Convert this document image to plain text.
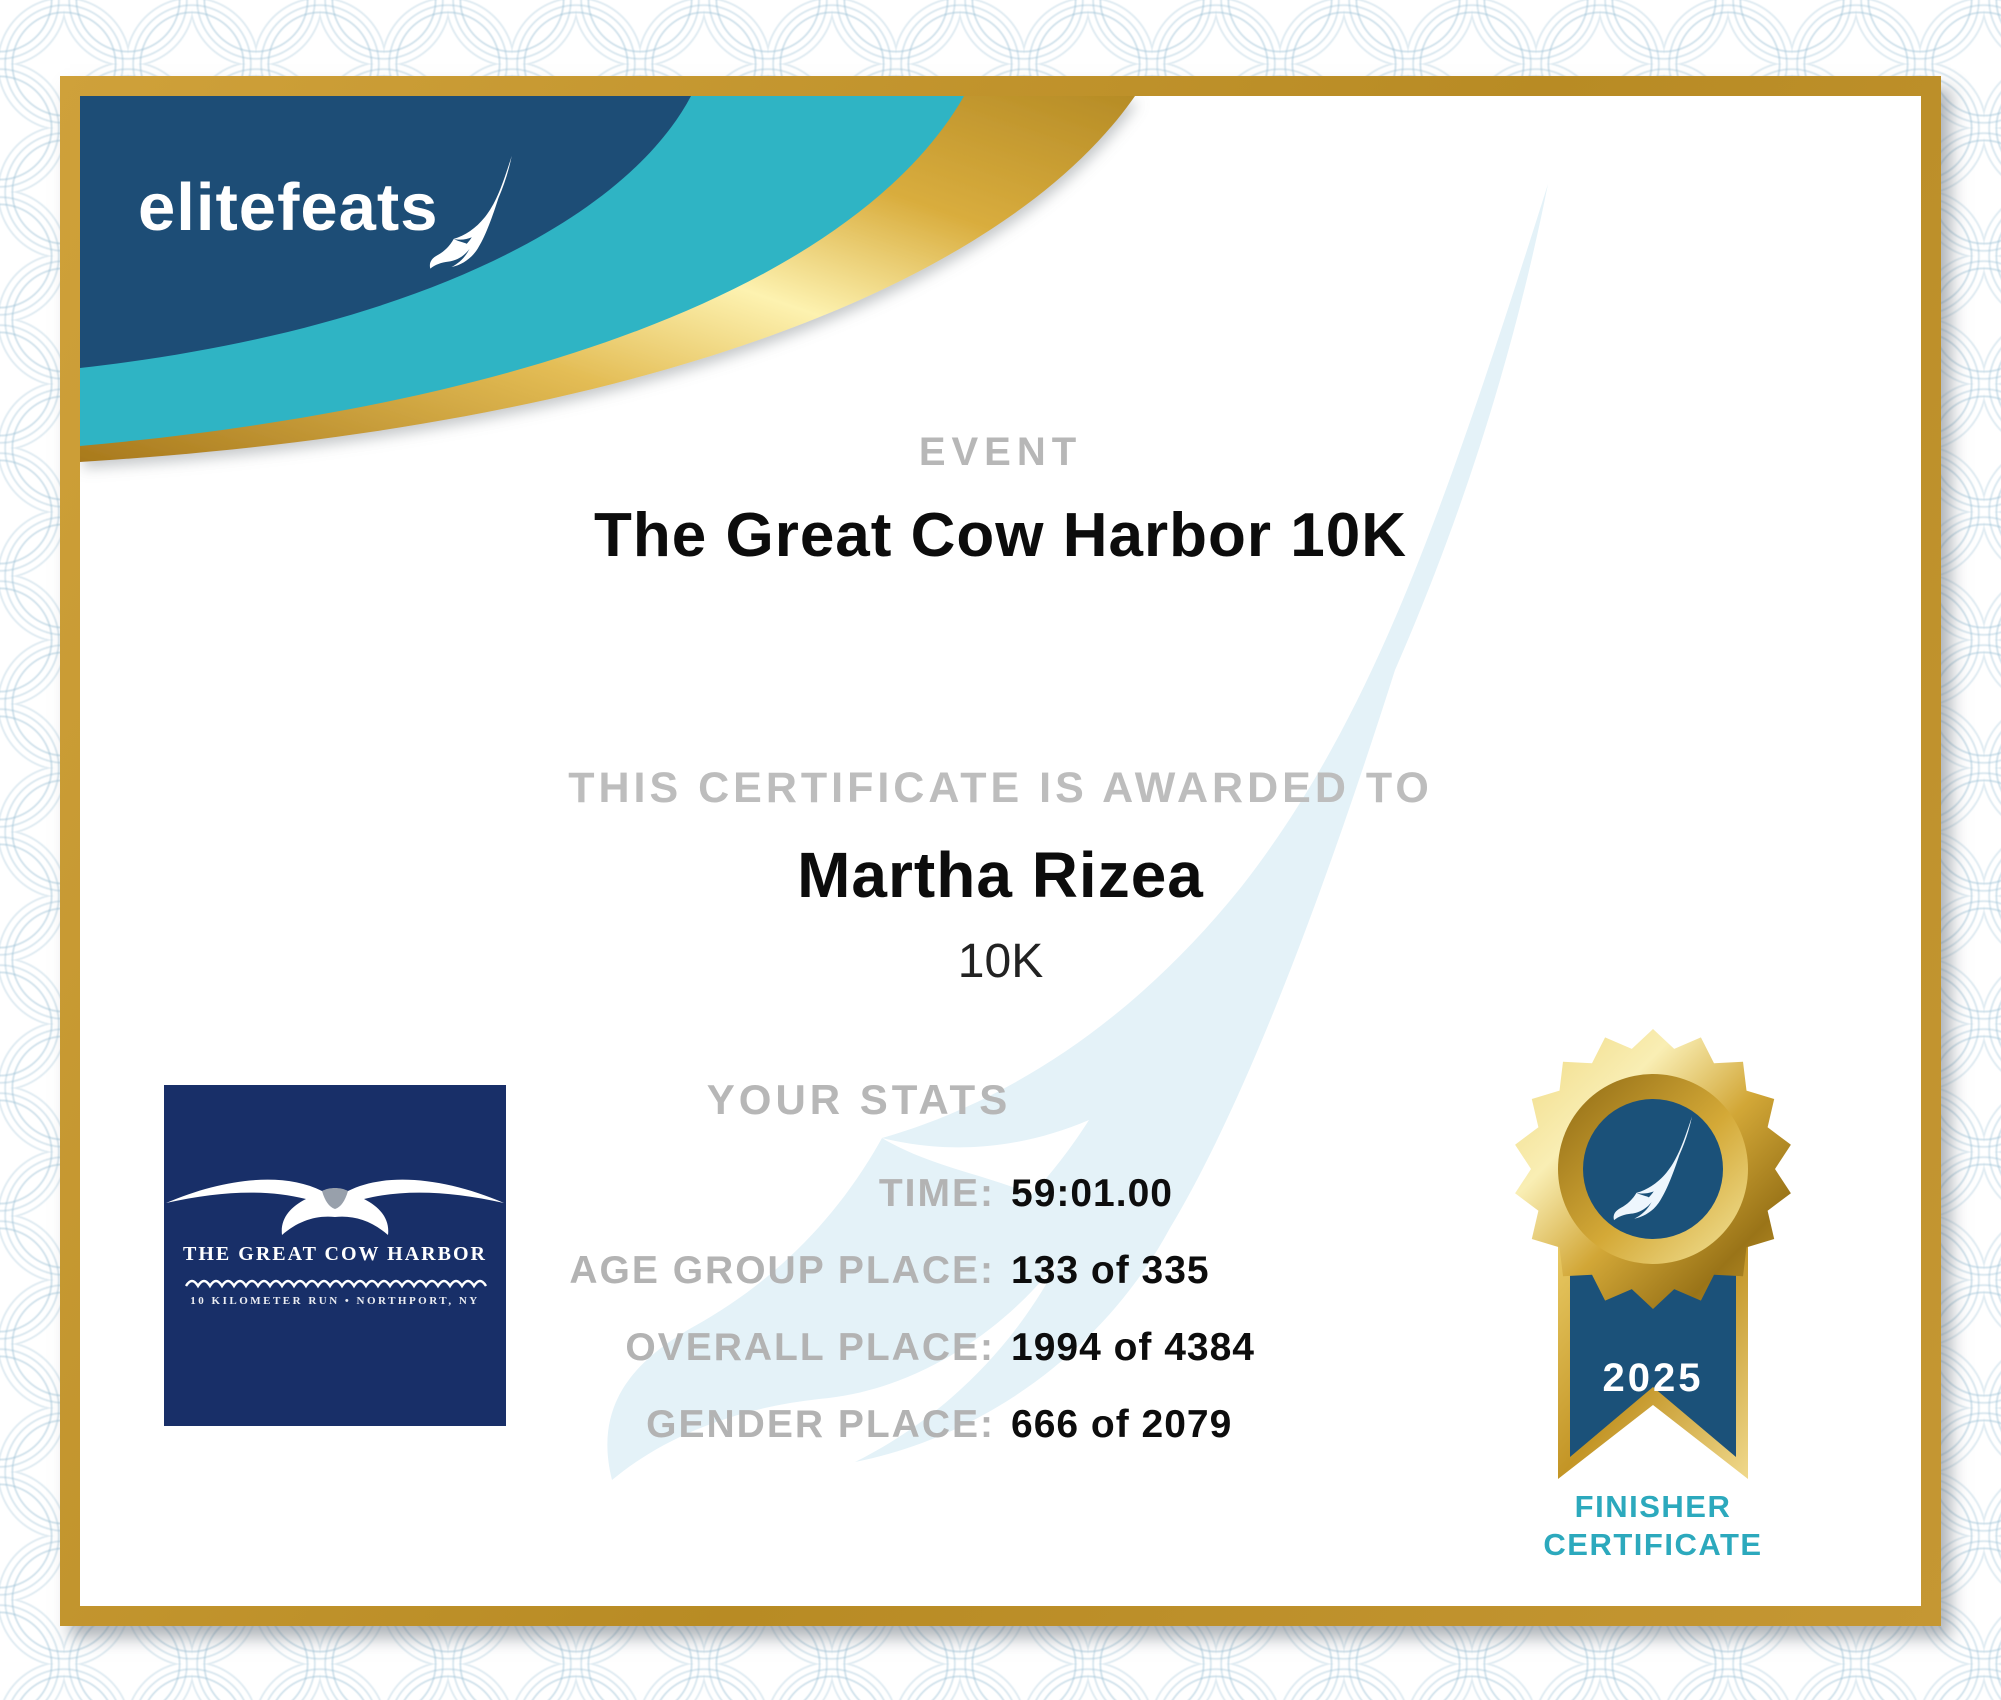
elitefeats
EVENT
The Great Cow Harbor 10K
THIS CERTIFICATE IS AWARDED TO
Martha Rizea
10K
YOUR STATS
TIME: 59:01.00
AGE GROUP PLACE: 133 of 335
OVERALL PLACE: 1994 of 4384
GENDER PLACE: 666 of 2079
THE GREAT COW HARBOR
10 KILOMETER RUN • NORTHPORT, NY
2025
FINISHER
CERTIFICATE
